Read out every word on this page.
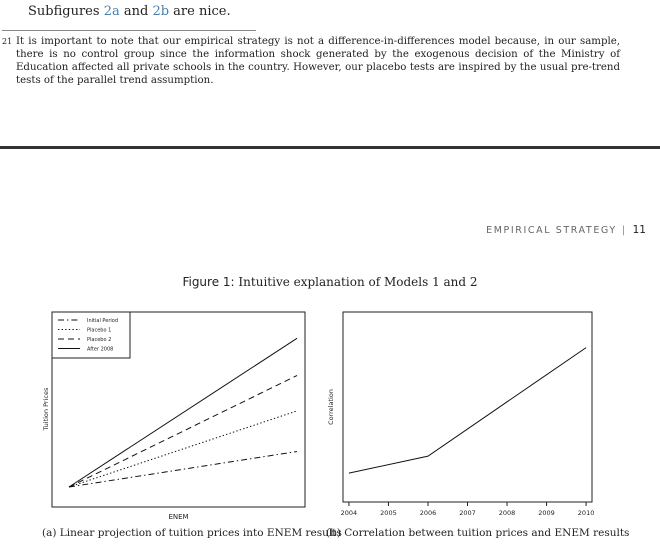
Subfigures 2a and 2b are nice.
21 It is important to note that our empirical strategy is not a difference-in-differences model because, in our sample, there is no control group since the information shock generated by the exogenous decision of the Ministry of Education affected all private schools in the country. However, our placebo tests are inspired by the usual pre-trend tests of the parallel trend assumption.
EMPIRICAL STRATEGY | 11
Figure 1: Intuitive explanation of Models 1 and 2
Initial Period
Placebo 1
Placebo 2
After 2008
ENEM
Tuition Prices
2004	2005	2006	2007	2008	2009	2010
Correlation
(a) Linear projection of tuition prices into ENEM results
(b) Correlation between tuition prices and ENEM results
